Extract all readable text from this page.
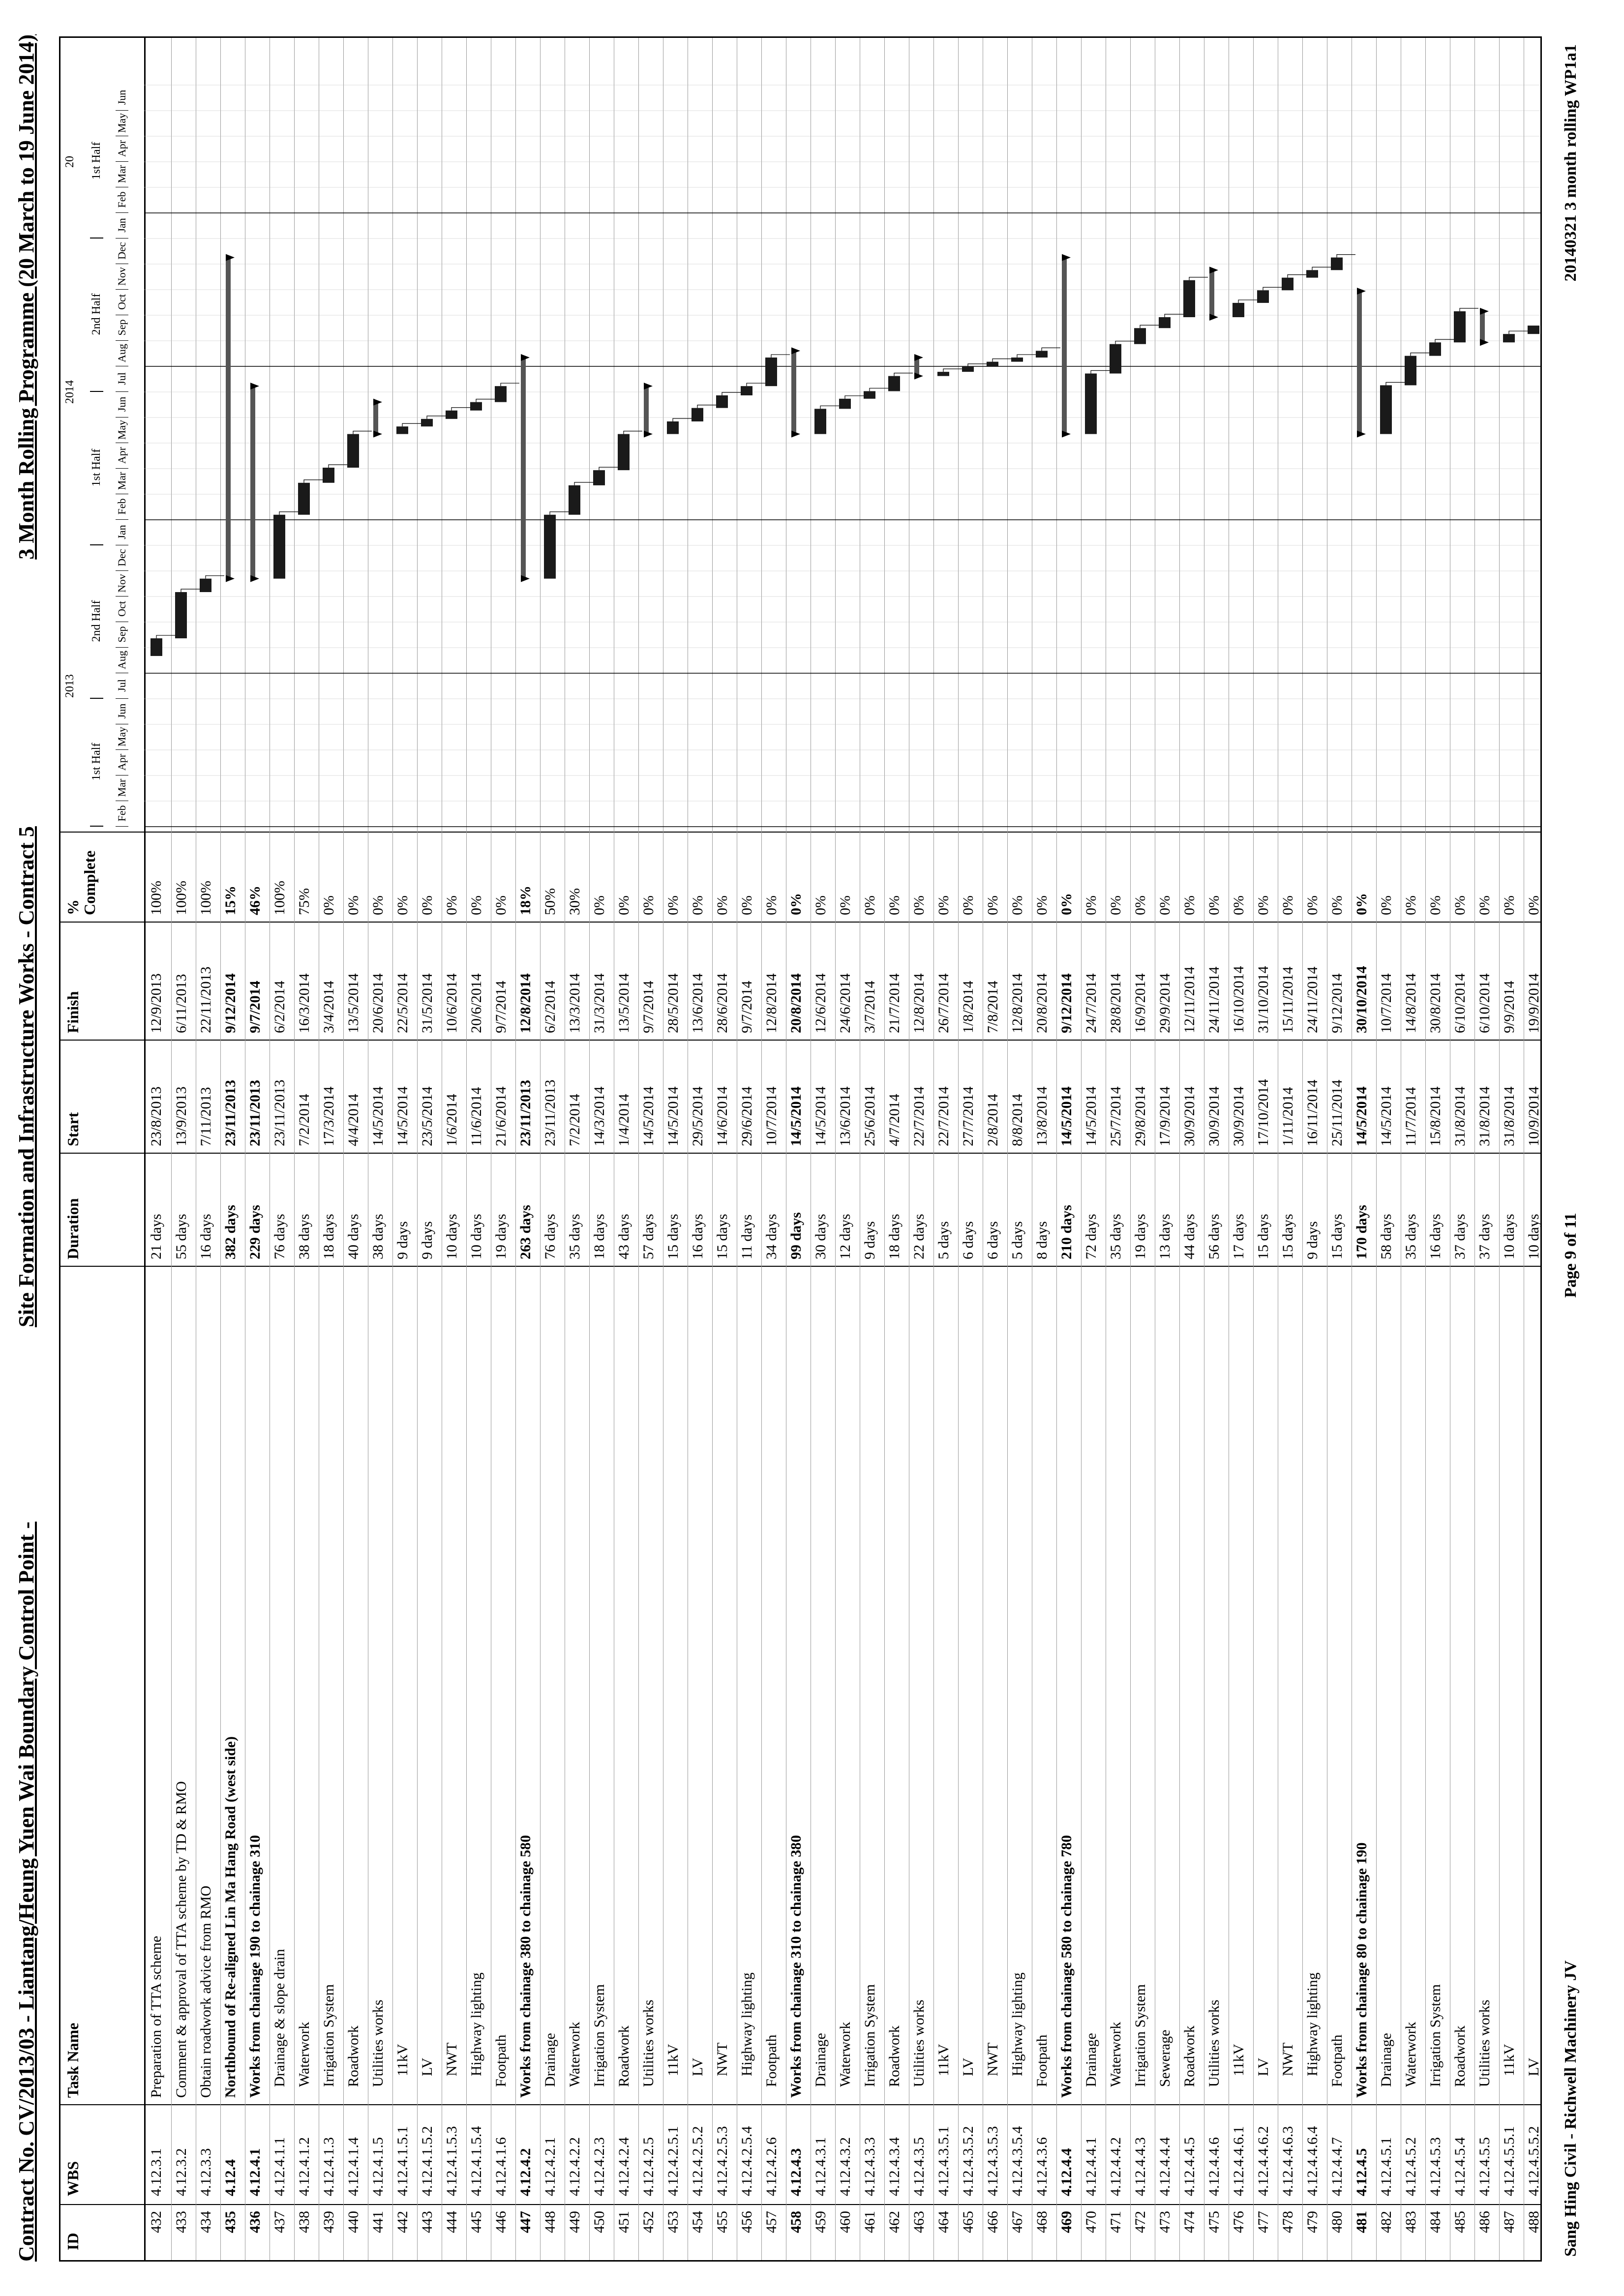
Contract No. CV/2013/03 - Liantang/Heung Yuen Wai Boundary Control Point -
Site Formation and Infrastructure Works - Contract 5
3 Month Rolling Programme (20 March to 19 June 2014)
ID
WBS
Task Name
Duration
Start
Finish
%
Complete
2013
2014
20
1st Half
2nd Half
1st Half
2nd Half
1st Half
Feb
Mar
Apr
May
Jun
Jul
Aug
Sep
Oct
Nov
Dec
Jan
Feb
Mar
Apr
May
Jun
Jul
Aug
Sep
Oct
Nov
Dec
Jan
Feb
Mar
Apr
May
Jun
432
4.12.3.1
Preparation of TTA scheme
21 days
23/8/2013
12/9/2013
100%
433
4.12.3.2
Comment & approval of TTA scheme by TD & RMO
55 days
13/9/2013
6/11/2013
100%
434
4.12.3.3
Obtain roadwork advice from RMO
16 days
7/11/2013
22/11/2013
100%
435
4.12.4
Northbound of Re-aligned Lin Ma Hang Road (west side)
382 days
23/11/2013
9/12/2014
15%
436
4.12.4.1
Works from chainage 190 to chainage 310
229 days
23/11/2013
9/7/2014
46%
437
4.12.4.1.1
Drainage & slope drain
76 days
23/11/2013
6/2/2014
100%
438
4.12.4.1.2
Waterwork
38 days
7/2/2014
16/3/2014
75%
439
4.12.4.1.3
Irrigation System
18 days
17/3/2014
3/4/2014
0%
440
4.12.4.1.4
Roadwork
40 days
4/4/2014
13/5/2014
0%
441
4.12.4.1.5
Utilities works
38 days
14/5/2014
20/6/2014
0%
442
4.12.4.1.5.1
11kV
9 days
14/5/2014
22/5/2014
0%
443
4.12.4.1.5.2
LV
9 days
23/5/2014
31/5/2014
0%
444
4.12.4.1.5.3
NWT
10 days
1/6/2014
10/6/2014
0%
445
4.12.4.1.5.4
Highway lighting
10 days
11/6/2014
20/6/2014
0%
446
4.12.4.1.6
Footpath
19 days
21/6/2014
9/7/2014
0%
447
4.12.4.2
Works from chainage 380 to chainage 580
263 days
23/11/2013
12/8/2014
18%
448
4.12.4.2.1
Drainage
76 days
23/11/2013
6/2/2014
50%
449
4.12.4.2.2
Waterwork
35 days
7/2/2014
13/3/2014
30%
450
4.12.4.2.3
Irrigation System
18 days
14/3/2014
31/3/2014
0%
451
4.12.4.2.4
Roadwork
43 days
1/4/2014
13/5/2014
0%
452
4.12.4.2.5
Utilities works
57 days
14/5/2014
9/7/2014
0%
453
4.12.4.2.5.1
11kV
15 days
14/5/2014
28/5/2014
0%
454
4.12.4.2.5.2
LV
16 days
29/5/2014
13/6/2014
0%
455
4.12.4.2.5.3
NWT
15 days
14/6/2014
28/6/2014
0%
456
4.12.4.2.5.4
Highway lighting
11 days
29/6/2014
9/7/2014
0%
457
4.12.4.2.6
Footpath
34 days
10/7/2014
12/8/2014
0%
458
4.12.4.3
Works from chainage 310 to chainage 380
99 days
14/5/2014
20/8/2014
0%
459
4.12.4.3.1
Drainage
30 days
14/5/2014
12/6/2014
0%
460
4.12.4.3.2
Waterwork
12 days
13/6/2014
24/6/2014
0%
461
4.12.4.3.3
Irrigation System
9 days
25/6/2014
3/7/2014
0%
462
4.12.4.3.4
Roadwork
18 days
4/7/2014
21/7/2014
0%
463
4.12.4.3.5
Utilities works
22 days
22/7/2014
12/8/2014
0%
464
4.12.4.3.5.1
11kV
5 days
22/7/2014
26/7/2014
0%
465
4.12.4.3.5.2
LV
6 days
27/7/2014
1/8/2014
0%
466
4.12.4.3.5.3
NWT
6 days
2/8/2014
7/8/2014
0%
467
4.12.4.3.5.4
Highway lighting
5 days
8/8/2014
12/8/2014
0%
468
4.12.4.3.6
Footpath
8 days
13/8/2014
20/8/2014
0%
469
4.12.4.4
Works from chainage 580 to chainage 780
210 days
14/5/2014
9/12/2014
0%
470
4.12.4.4.1
Drainage
72 days
14/5/2014
24/7/2014
0%
471
4.12.4.4.2
Waterwork
35 days
25/7/2014
28/8/2014
0%
472
4.12.4.4.3
Irrigation System
19 days
29/8/2014
16/9/2014
0%
473
4.12.4.4.4
Sewerage
13 days
17/9/2014
29/9/2014
0%
474
4.12.4.4.5
Roadwork
44 days
30/9/2014
12/11/2014
0%
475
4.12.4.4.6
Utilities works
56 days
30/9/2014
24/11/2014
0%
476
4.12.4.4.6.1
11kV
17 days
30/9/2014
16/10/2014
0%
477
4.12.4.4.6.2
LV
15 days
17/10/2014
31/10/2014
0%
478
4.12.4.4.6.3
NWT
15 days
1/11/2014
15/11/2014
0%
479
4.12.4.4.6.4
Highway lighting
9 days
16/11/2014
24/11/2014
0%
480
4.12.4.4.7
Footpath
15 days
25/11/2014
9/12/2014
0%
481
4.12.4.5
Works from chainage 80 to chainage 190
170 days
14/5/2014
30/10/2014
0%
482
4.12.4.5.1
Drainage
58 days
14/5/2014
10/7/2014
0%
483
4.12.4.5.2
Waterwork
35 days
11/7/2014
14/8/2014
0%
484
4.12.4.5.3
Irrigation System
16 days
15/8/2014
30/8/2014
0%
485
4.12.4.5.4
Roadwork
37 days
31/8/2014
6/10/2014
0%
486
4.12.4.5.5
Utilities works
37 days
31/8/2014
6/10/2014
0%
487
4.12.4.5.5.1
11kV
10 days
31/8/2014
9/9/2014
0%
488
4.12.4.5.5.2
LV
10 days
10/9/2014
19/9/2014
0%
Sang Hing Civil - Richwell Machinery JV
Page 9 of 11
20140321 3 month rolling WP1a1
